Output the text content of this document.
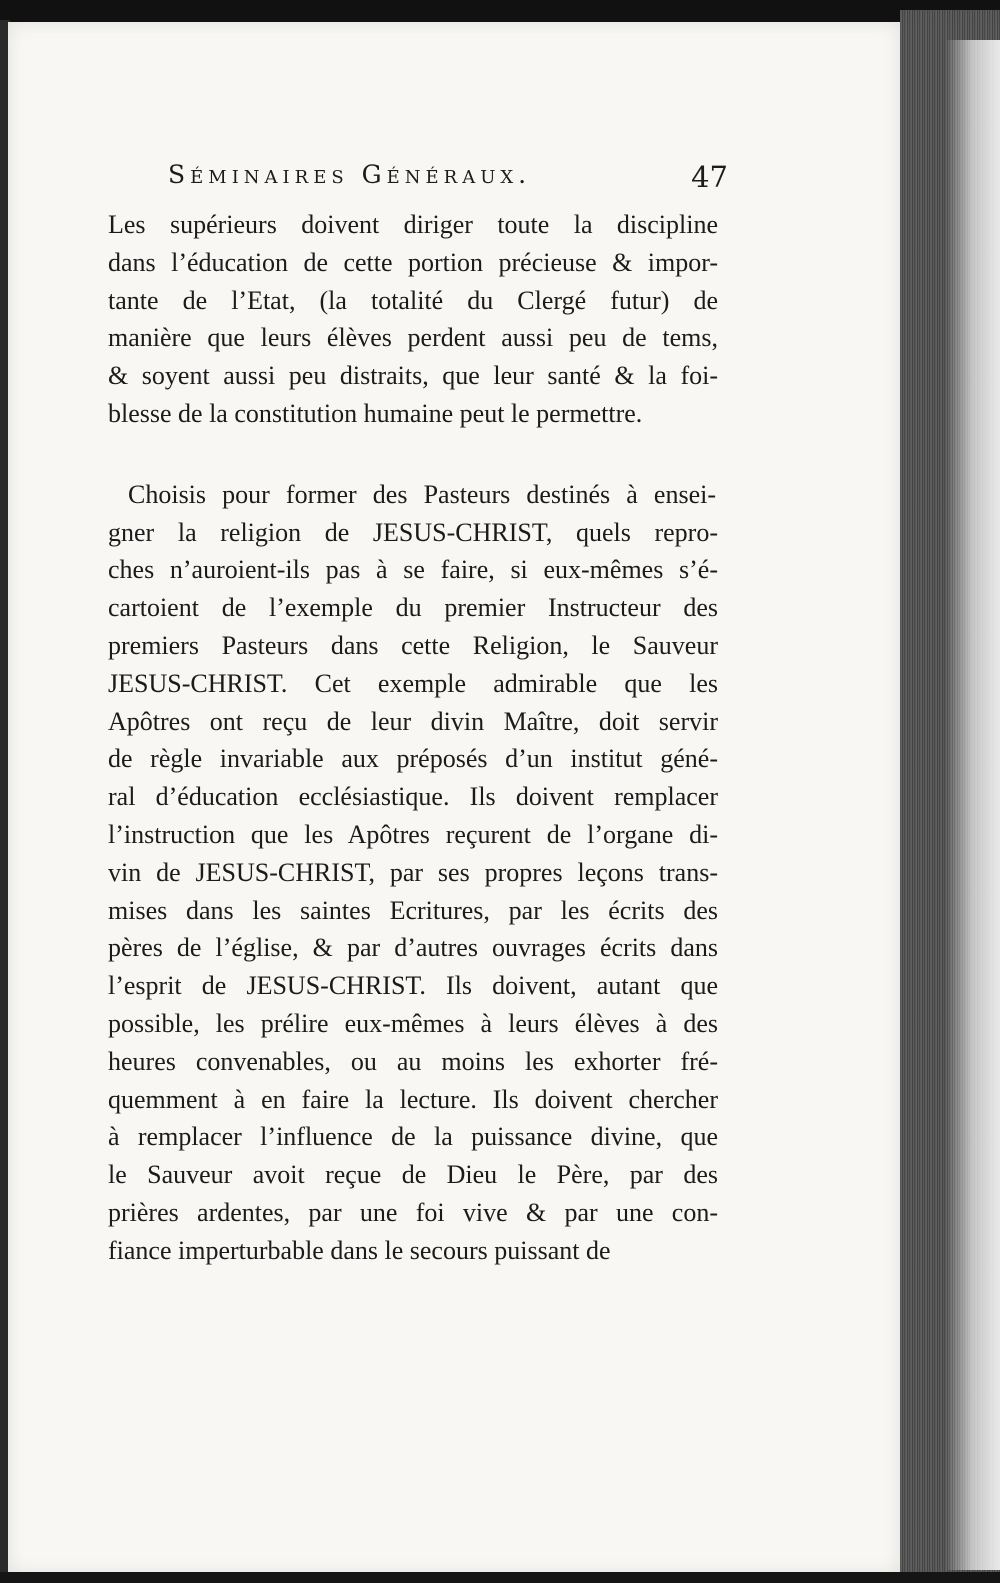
Séminaires Généraux.	47
Les supérieurs doivent diriger toute la discipline
dans l’éducation de cette portion précieuse & impor-
tante de l’Etat, (la totalité du Clergé futur) de
manière que leurs élèves perdent aussi peu de tems,
& soyent aussi peu distraits, que leur santé & la foi-
blesse de la constitution humaine peut le permettre.
Choisis pour former des Pasteurs destinés à ensei-
gner la religion de JESUS-CHRIST, quels repro-
ches n’auroient-ils pas à se faire, si eux-mêmes s’é-
cartoient de l’exemple du premier Instructeur des
premiers Pasteurs dans cette Religion, le Sauveur
JESUS-CHRIST. Cet exemple admirable que les
Apôtres ont reçu de leur divin Maître, doit servir
de règle invariable aux préposés d’un institut géné-
ral d’éducation ecclésiastique. Ils doivent remplacer
l’instruction que les Apôtres reçurent de l’organe di-
vin de JESUS-CHRIST, par ses propres leçons trans-
mises dans les saintes Ecritures, par les écrits des
pères de l’église, & par d’autres ouvrages écrits dans
l’esprit de JESUS-CHRIST. Ils doivent, autant que
possible, les prélire eux-mêmes à leurs élèves à des
heures convenables, ou au moins les exhorter fré-
quemment à en faire la lecture. Ils doivent chercher
à remplacer l’influence de la puissance divine, que
le Sauveur avoit reçue de Dieu le Père, par des
prières ardentes, par une foi vive & par une con-
fiance imperturbable dans le secours puissant de
